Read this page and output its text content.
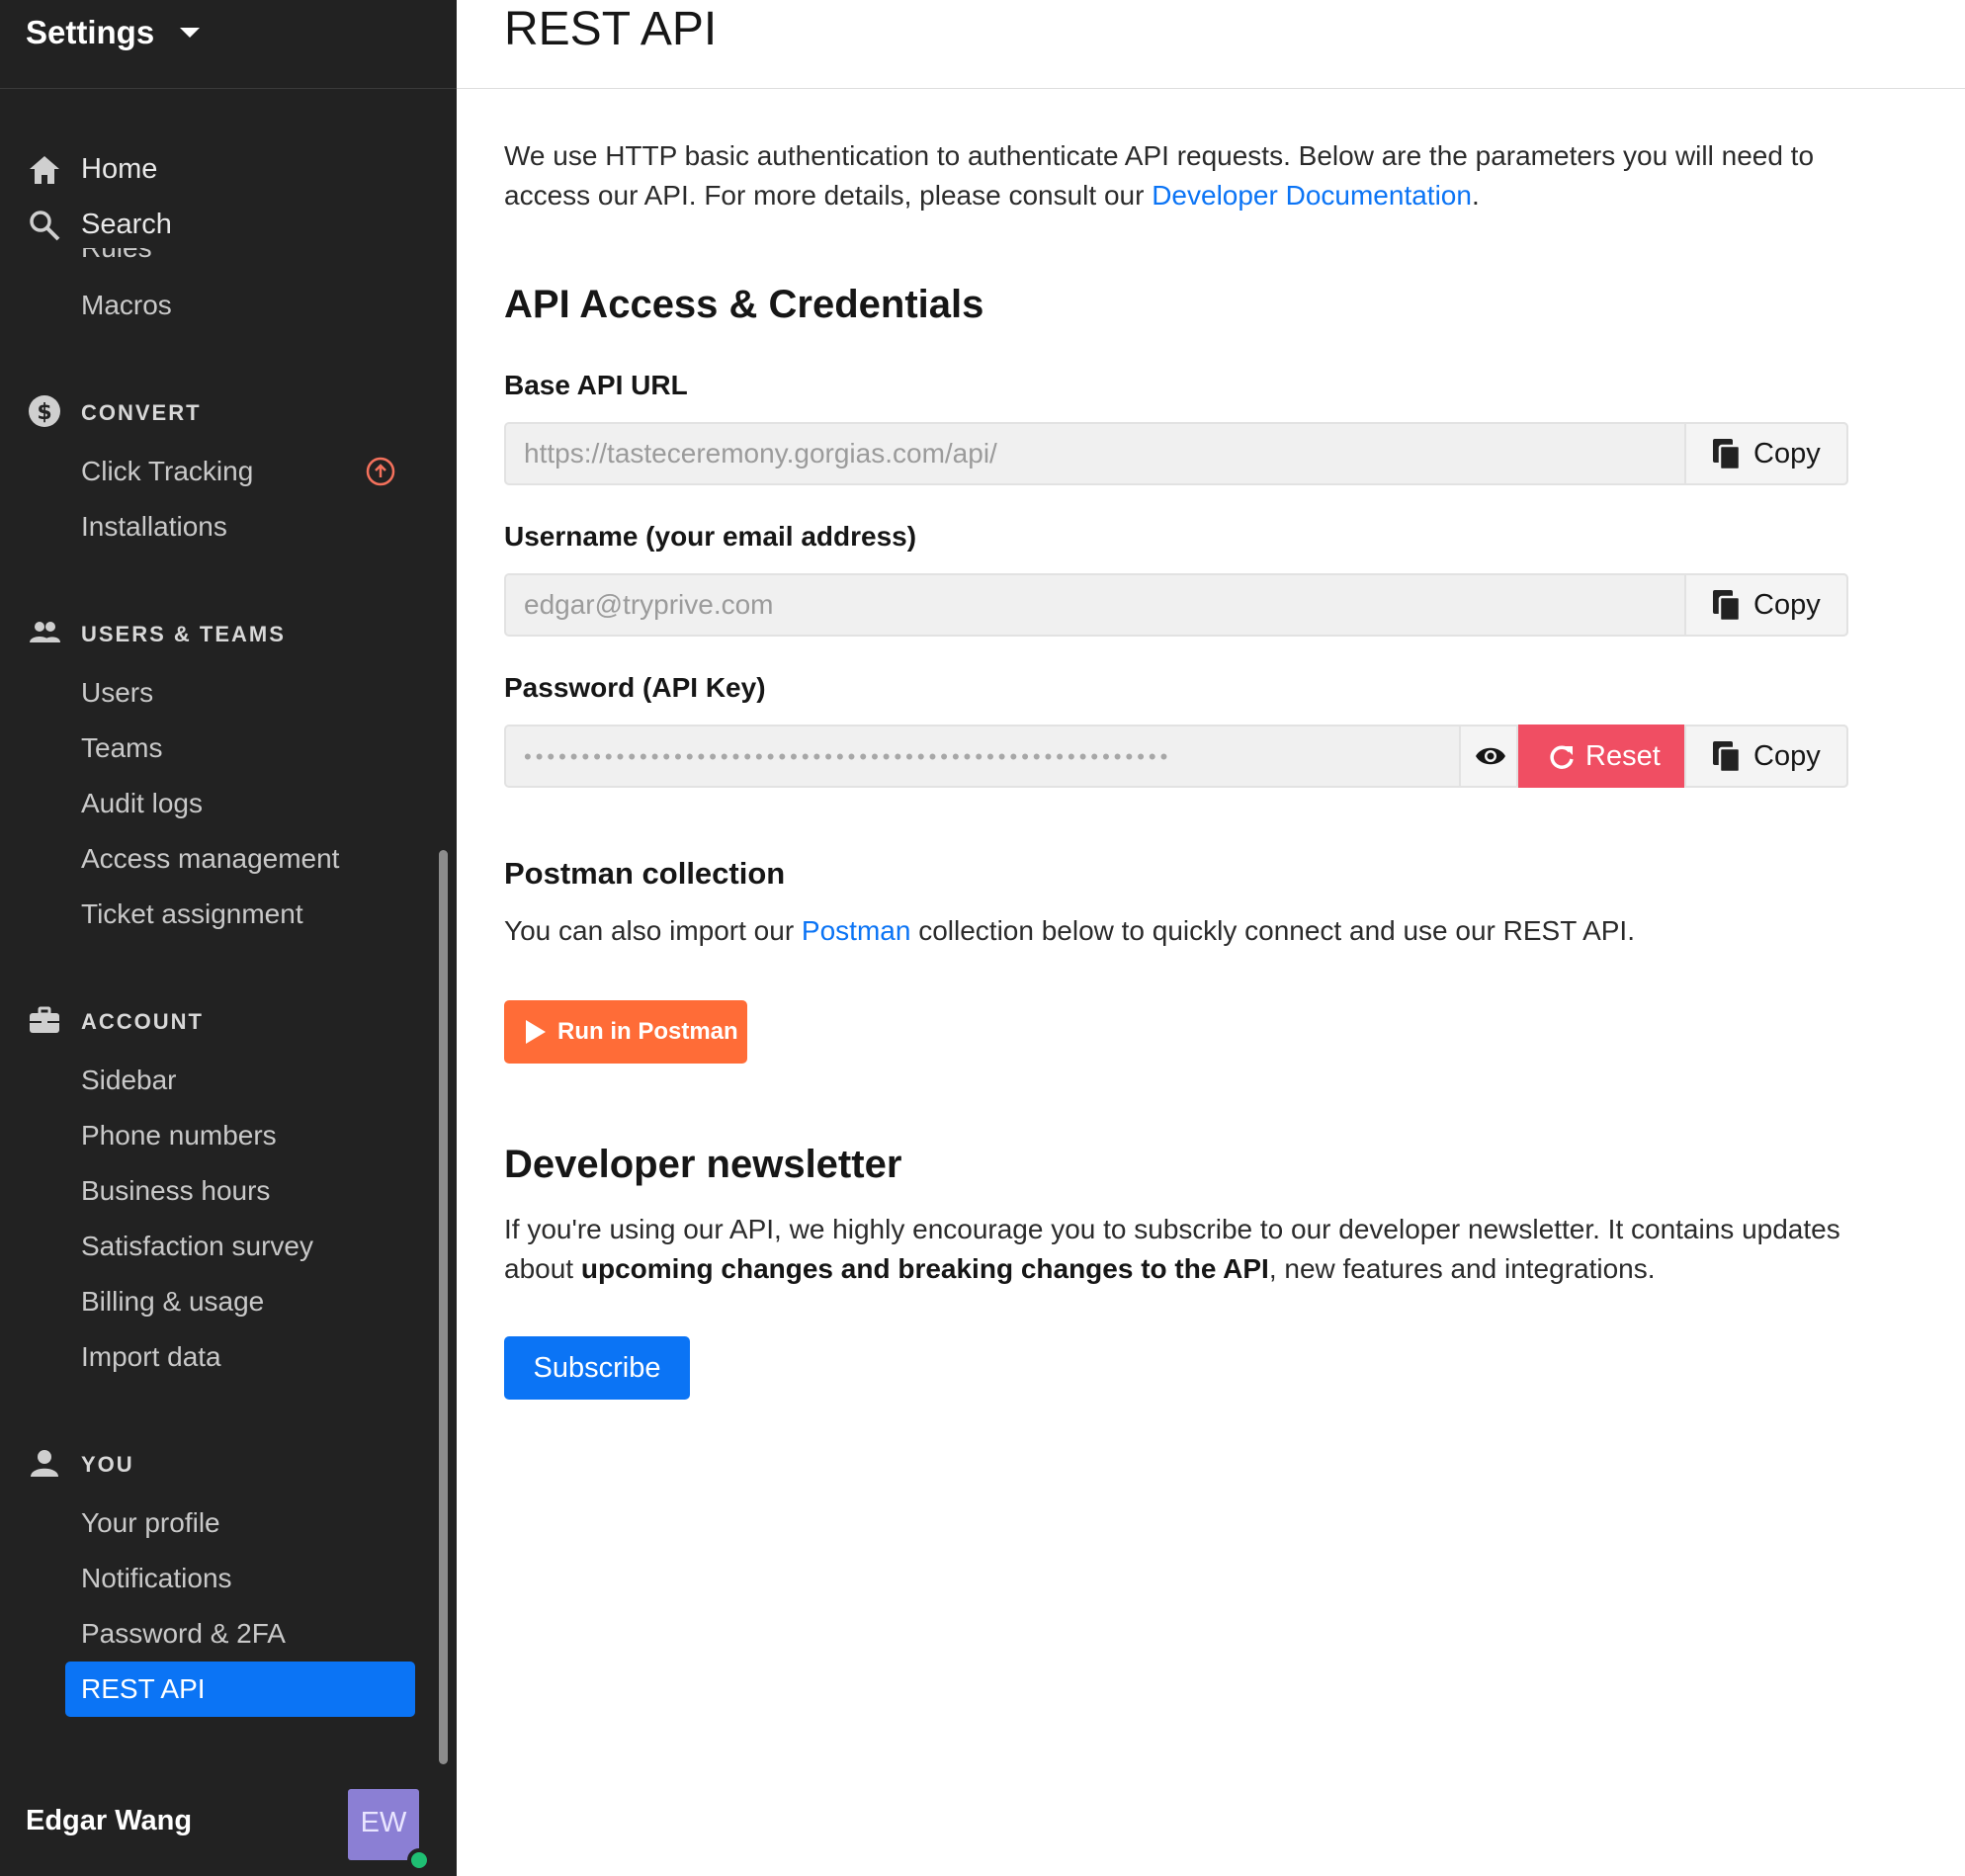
Settings
Macros
$ CONVERT
Click Tracking
Installations
USERS & TEAMS
Users
Teams
Audit logs
Access management
Ticket assignment
ACCOUNT
Sidebar
Phone numbers
Business hours
Satisfaction survey
Billing & usage
Import data
YOU
Your profile
Notifications
Password & 2FA
REST API
Home
Search
Edgar Wang	EW
REST API

We use HTTP basic authentication to authenticate API requests. Below are the parameters you will need to access our API. For more details, please consult our Developer Documentation.

API Access & Credentials
Base API URL
https://tasteceremony.gorgias.com/api/	Copy
Username (your email address)
edgar@tryprive.com	Copy
Password (API Key)
••••••••••••••••••••••••••••••••••••••••••••••••••••••••	Reset	Copy
Postman collection

You can also import our Postman collection below to quickly connect and use our REST API.

Run in Postman
Developer newsletter

If you're using our API, we highly encourage you to subscribe to our developer newsletter. It contains updates about upcoming changes and breaking changes to the API, new features and integrations.

Subscribe
